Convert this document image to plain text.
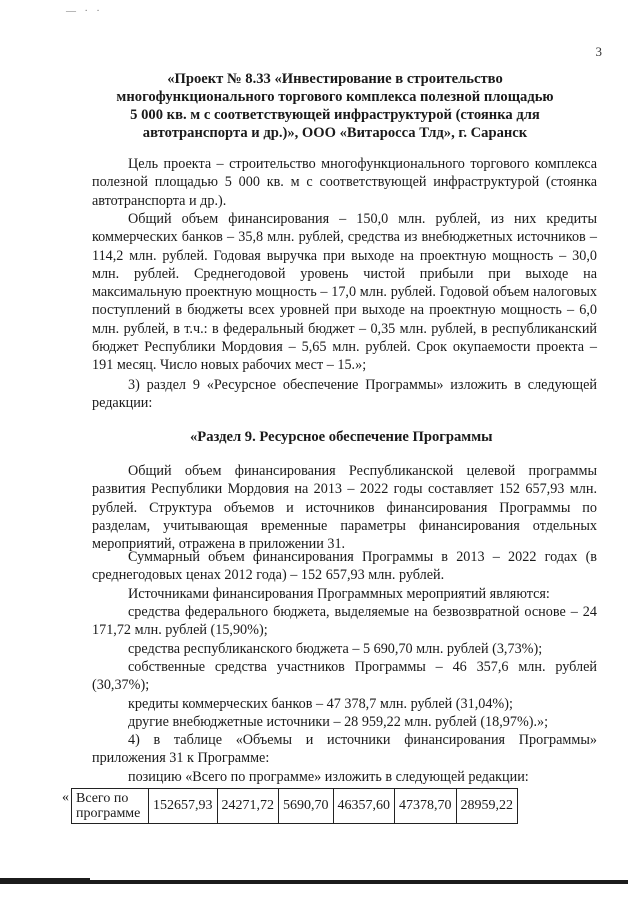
— · ·
3
«Проект № 8.33 «Инвестирование в строительство
многофункционального торгового комплекса полезной площадью
5 000 кв. м с соответствующей инфраструктурой (стоянка для
автотранспорта и др.)», ООО «Витаросса Тлд», г. Саранск

Цель проекта – строительство многофункционального торгового комплекса полезной площадью 5 000 кв. м с соответствующей инфраструктурой (стоянка автотранспорта и др.).

Общий объем финансирования – 150,0 млн. рублей, из них кредиты коммерческих банков – 35,8 млн. рублей, средства из внебюджетных источников – 114,2 млн. рублей. Годовая выручка при выходе на проектную мощность – 30,0 млн. рублей. Среднегодовой уровень чистой прибыли при выходе на максимальную проектную мощность – 17,0 млн. рублей. Годовой объем налоговых поступлений в бюджеты всех уровней при выходе на проектную мощность – 6,0 млн. рублей, в т.ч.: в федеральный бюджет – 0,35 млн. рублей, в республиканский бюджет Республики Мордовия – 5,65 млн. рублей. Срок окупаемости проекта – 191 месяц. Число новых рабочих мест – 15.»;

3) раздел 9 «Ресурсное обеспечение Программы» изложить в следующей редакции:

«Раздел 9. Ресурсное обеспечение Программы

Общий объем финансирования Республиканской целевой программы развития Республики Мордовия на 2013 – 2022 годы составляет 152 657,93 млн. рублей. Структура объемов и источников финансирования Программы по разделам, учитывающая временные параметры финансирования отдельных мероприятий, отражена в приложении 31.

Суммарный объем финансирования Программы в 2013 – 2022 годах (в среднегодовых ценах 2012 года) – 152 657,93 млн. рублей.

Источниками финансирования Программных мероприятий являются:

средства федерального бюджета, выделяемые на безвозвратной основе – 24 171,72 млн. рублей (15,90%);

средства республиканского бюджета – 5 690,70 млн. рублей (3,73%);

собственные средства участников Программы – 46 357,6 млн. рублей (30,37%);

кредиты коммерческих банков – 47 378,7 млн. рублей (31,04%);

другие внебюджетные источники – 28 959,22 млн. рублей (18,97%).»;

4) в таблице «Объемы и источники финансирования Программы» приложения 31 к Программе:

позицию «Всего по программе» изложить в следующей редакции:

« Всего по программе	152657,93	24271,72	5690,70	46357,60	47378,70	28959,22
